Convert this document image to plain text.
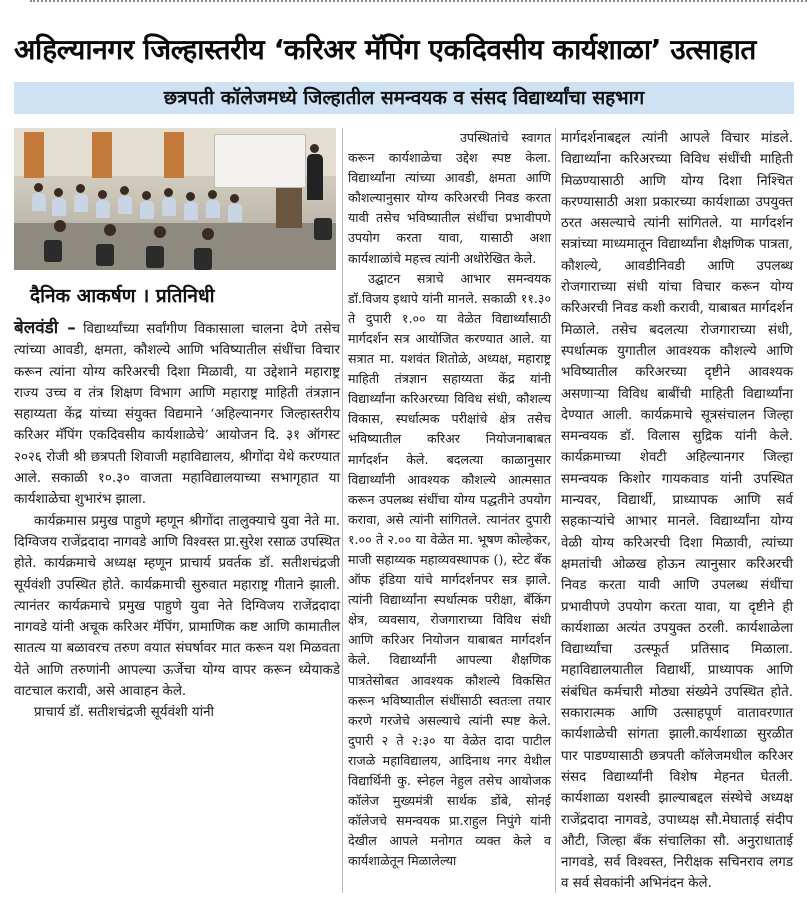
अहिल्यानगर जिल्हास्तरीय ‘करिअर मॅपिंग एकदिवसीय कार्यशाळा’ उत्साहात
छत्रपती कॉलेजमध्ये जिल्हातील समन्वयक व संसद विद्यार्थ्यांचा सहभाग
दैनिक आकर्षण । प्रतिनिधी

बेलवंडी – विद्यार्थ्यांच्या सर्वांगीण विकासाला चालना देणे तसेच त्यांच्या आवडी, क्षमता, कौशल्ये आणि भविष्यातील संधींचा विचार करून त्यांना योग्य करिअरची दिशा मिळावी, या उद्देशाने महाराष्ट्र राज्य उच्च व तंत्र शिक्षण विभाग आणि महाराष्ट्र माहिती तंत्रज्ञान सहाय्यता केंद्र यांच्या संयुक्त विद्यमाने ‘अहिल्यानगर जिल्हास्तरीय करिअर मॅपिंग एकदिवसीय कार्यशाळेचे’ आयोजन दि. ३१ ऑगस्ट २०२६ रोजी श्री छत्रपती शिवाजी महाविद्यालय, श्रीगोंदा येथे करण्यात आले. सकाळी १०.३० वाजता महाविद्यालयाच्या सभागृहात या कार्यशाळेचा शुभारंभ झाला.

कार्यक्रमास प्रमुख पाहुणे म्हणून श्रीगोंदा तालुक्याचे युवा नेते मा. दिग्विजय राजेंद्रदादा नागवडे आणि विश्वस्त प्रा.सुरेश रसाळ उपस्थित होते. कार्यक्रमाचे अध्यक्ष म्हणून प्राचार्य प्रवर्तक डॉ. सतीशचंद्रजी सूर्यवंशी उपस्थित होते. कार्यक्रमाची सुरुवात महाराष्ट्र गीताने झाली. त्यानंतर कार्यक्रमाचे प्रमुख पाहुणे युवा नेते दिग्विजय राजेंद्रदादा नागवडे यांनी अचूक करिअर मॅपिंग, प्रामाणिक कष्ट आणि कामातील सातत्य या बळावरच तरुण वयात संघर्षावर मात करून यश मिळवता येते आणि तरुणांनी आपल्या ऊर्जेचा योग्य वापर करून ध्येयाकडे वाटचाल करावी, असे आवाहन केले.

प्राचार्य डॉ. सतीशचंद्रजी सूर्यवंशी यांनी

उपस्थितांचे स्वागत करून कार्यशाळेचा उद्देश स्पष्ट केला. विद्यार्थ्यांना त्यांच्या आवडी, क्षमता आणि कौशल्यानुसार योग्य करिअरची निवड करता यावी तसेच भविष्यातील संधींचा प्रभावीपणे उपयोग करता यावा, यासाठी अशा कार्यशाळांचे महत्त्व त्यांनी अधोरेखित केले.

उद्घाटन सत्राचे आभार समन्वयक डॉ.विजय इथापे यांनी मानले. सकाळी ११.३० ते दुपारी १.०० या वेळेत विद्यार्थ्यांसाठी मार्गदर्शन सत्र आयोजित करण्यात आले. या सत्रात मा. यशवंत शितोळे, अध्यक्ष, महाराष्ट्र माहिती तंत्रज्ञान सहाय्यता केंद्र यांनी विद्यार्थ्यांना करिअरच्या विविध संधी, कौशल्य विकास, स्पर्धात्मक परीक्षांचे क्षेत्र तसेच भविष्यातील करिअर नियोजनाबाबत मार्गदर्शन केले. बदलत्या काळानुसार विद्यार्थ्यांनी आवश्यक कौशल्ये आत्मसात करून उपलब्ध संधींचा योग्य पद्धतीने उपयोग करावा, असे त्यांनी सांगितले. त्यानंतर दुपारी १.०० ते २.०० या वेळेत मा. भूषण कोल्हेकर, माजी सहाय्यक महाव्यवस्थापक (), स्टेट बँक ऑफ इंडिया यांचे मार्गदर्शनपर सत्र झाले. त्यांनी विद्यार्थ्यांना स्पर्धात्मक परीक्षा, बँकिंग क्षेत्र, व्यवसाय, रोजगाराच्या विविध संधी आणि करिअर नियोजन याबाबत मार्गदर्शन केले. विद्यार्थ्यांनी आपल्या शैक्षणिक पात्रतेसोबत आवश्यक कौशल्ये विकसित करून भविष्यातील संधींसाठी स्वतःला तयार करणे गरजेचे असल्याचे त्यांनी स्पष्ट केले. दुपारी २ ते २:३० या वेळेत दादा पाटील राजळे महाविद्यालय, आदिनाथ नगर येथील विद्यार्थिनी कु. स्नेहल नेहुल तसेच आयोजक कॉलेज मुख्यमंत्री सार्थक डोंबे, सोनई कॉलेजचे समन्वयक प्रा.राहुल निपुंगे यांनी देखील आपले मनोगत व्यक्त केले व कार्यशाळेतून मिळालेल्या

मार्गदर्शनाबद्दल त्यांनी आपले विचार मांडले. विद्यार्थ्यांना करिअरच्या विविध संधींची माहिती मिळण्यासाठी आणि योग्य दिशा निश्चित करण्यासाठी अशा प्रकारच्या कार्यशाळा उपयुक्त ठरत असल्याचे त्यांनी सांगितले. या मार्गदर्शन सत्रांच्या माध्यमातून विद्यार्थ्यांना शैक्षणिक पात्रता, कौशल्ये, आवडीनिवडी आणि उपलब्ध रोजगाराच्या संधी यांचा विचार करून योग्य करिअरची निवड कशी करावी, याबाबत मार्गदर्शन मिळाले. तसेच बदलत्या रोजगाराच्या संधी, स्पर्धात्मक युगातील आवश्यक कौशल्ये आणि भविष्यातील करिअरच्या दृष्टीने आवश्यक असणाऱ्या विविध बाबींची माहिती विद्यार्थ्यांना देण्यात आली. कार्यक्रमाचे सूत्रसंचालन जिल्हा समन्वयक डॉ. विलास सुद्रिक यांनी केले. कार्यक्रमाच्या शेवटी अहिल्यानगर जिल्हा समन्वयक किशोर गायकवाड यांनी उपस्थित मान्यवर, विद्यार्थी, प्राध्यापक आणि सर्व सहकाऱ्यांचे आभार मानले. विद्यार्थ्यांना योग्य वेळी योग्य करिअरची दिशा मिळावी, त्यांच्या क्षमतांची ओळख होऊन त्यानुसार करिअरची निवड करता यावी आणि उपलब्ध संधींचा प्रभावीपणे उपयोग करता यावा, या दृष्टीने ही कार्यशाळा अत्यंत उपयुक्त ठरली. कार्यशाळेला विद्यार्थ्यांचा उत्स्फूर्त प्रतिसाद मिळाला. महाविद्यालयातील विद्यार्थी, प्राध्यापक आणि संबंधित कर्मचारी मोठ्या संख्येने उपस्थित होते. सकारात्मक आणि उत्साहपूर्ण वातावरणात कार्यशाळेची सांगता झाली.कार्यशाळा सुरळीत पार पाडण्यासाठी छत्रपती कॉलेजमधील करिअर संसद विद्यार्थ्यांनी विशेष मेहनत घेतली. कार्यशाळा यशस्वी झाल्याबद्दल संस्थेचे अध्यक्ष राजेंद्रदादा नागवडे, उपाध्यक्ष सौ.मेघाताई संदीप औटी, जिल्हा बँक संचालिका सौ. अनुराधाताई नागवडे, सर्व विश्वस्त, निरीक्षक सचिनराव लगड व सर्व सेवकांनी अभिनंदन केले.
